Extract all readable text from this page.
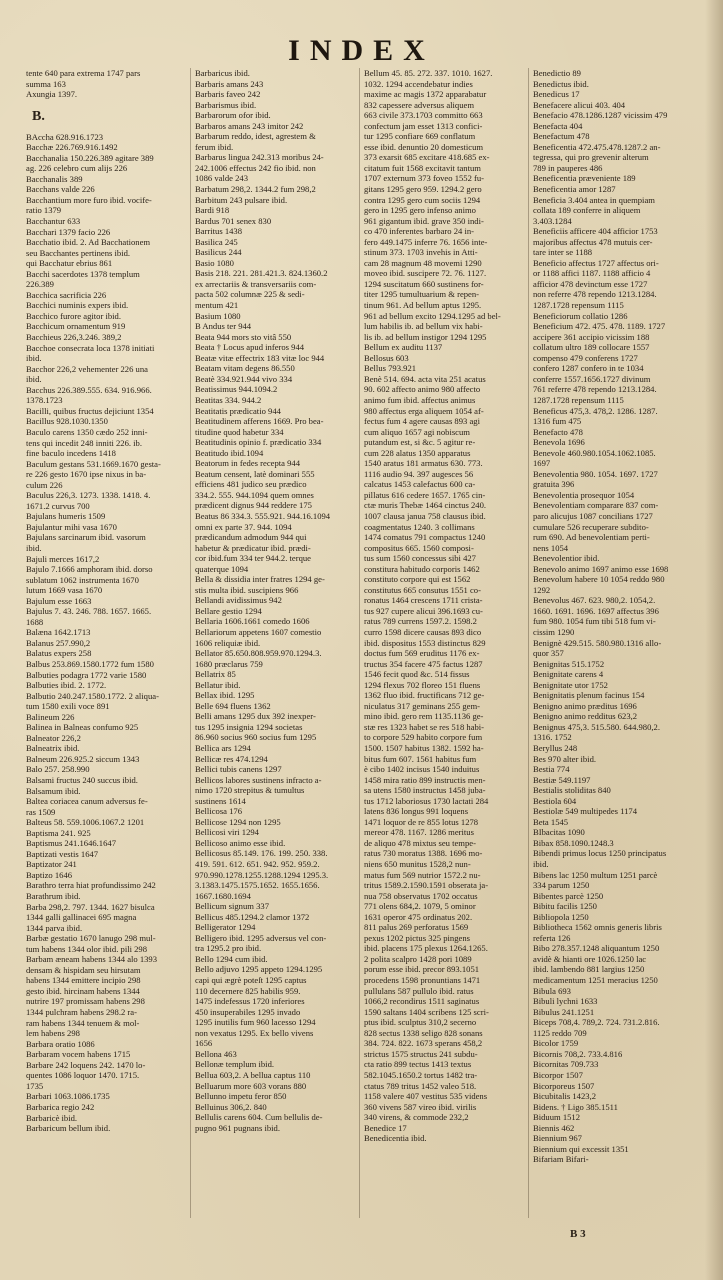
INDEX
tente 640 para extrema 1747 pars
summa 163
Axungia 1397.
B.
BAccha 628.916.1723
Bacchæ 226.769.916.1492
Bacchanalia 150.226.389 agitare 389
ag. 226 celebro cum alijs 226
Bacchanalis 389
Bacchans valde 226
Bacchantium more furo ibid. vocife-
ratio 1379
Bacchantur 633
Bacchari 1379 facio 226
Bacchatio ibid. 2. Ad Bacchationem
seu Bacchantes pertinens ibid.
qui Bacchatur ebrius 861
Bacchi sacerdotes 1378 templum
226.389
Bacchica sacrificia 226
Bacchici numinis expers ibid.
Bacchico furore agitor ibid.
Bacchicum ornamentum 919
Bacchieus 226,3.246. 389,2
Bacchoe consecrata loca 1378 initiati
ibid.
Bacchor 226,2 vehementer 226 una
ibid.
Bacchus 226.389.555. 634. 916.966.
1378.1723
Bacilli, quibus fructus dejiciunt 1354
Bacillus 928.1030.1350
Baculo carens 1350 cædo 252 inni-
tens qui incedit 248 inniti 226. ib.
fine baculo incedens 1418
Baculum gestans 531.1669.1670 gesta-
re 226 gesto 1670 ipse nixus in ba-
culum 226
Baculus 226,3. 1273. 1338. 1418. 4.
1671.2 curvus 700
Bajulans humeris 1509
Bajulantur mihi vasa 1670
Bajulans sarcinarum ibid. vasorum
ibid.
Bajuli merces 1617,2
Bajulo 7.1666 amphoram ibid. dorso
sublatum 1062 instrumenta 1670
lutum 1669 vasa 1670
Bajulum esse 1663
Bajulus 7. 43. 246. 788. 1657. 1665.
1688
Balæna 1642.1713
Balanus 257.990,2
Balatus expers 258
Balbus 253.869.1580.1772 fum 1580
Balbuties podagra 1772 varie 1580
Balbuties ibid. 2. 1772.
Balbutio 240.247.1580.1772. 2 aliqua-
tum 1580 exili voce 891
Balineum 226
Balinea in Balneas confumo 925
Balneator 226,2
Balneatrix ibid.
Balneum 226.925.2 siccum 1343
Balo 257. 258.990
Balsami fructus 240 succus ibid.
Balsamum ibid.
Baltea coriacea canum adversus fe-
ras 1509
Balteus 58. 559.1006.1067.2 1201
Baptisma 241. 925
Baptismus 241.1646.1647
Baptizati vestis 1647
Baptizator 241
Baptizo 1646
Barathro terra hiat profundissimo 242
Barathrum ibid.
Barba 298,2. 797. 1344. 1627 bisulca
1344 galli gallinacei 695 magna
1344 parva ibid.
Barbæ gestatio 1670 lanugo 298 mul-
tum habens 1344 olor ibid. pili 298
Barbam æneam habens 1344 alo 1393
densam & hispidam seu hirsutam
habens 1344 emittere incipio 298
gesto ibid. hircinam habens 1344
nutrire 197 promissam habens 298
1344 pulchram habens 298.2 ra-
ram habens 1344 tenuem & mol-
lem habens 298
Barbara oratio 1086
Barbaram vocem habens 1715
Barbare 242 loquens 242. 1470 lo-
quentes 1086 loquor 1470. 1715.
1735
Barbari 1063.1086.1735
Barbarica regio 242
Barbaricè ibid.
Barbaricum bellum ibid.
Barbaricus ibid.
Barbaris amans 243
Barbaris faveo 242
Barbarismus ibid.
Barbarorum ofor ibid.
Barbaros amans 243 imitor 242
Barbarum reddo, idest, agrestem &
ferum ibid.
Barbarus lingua 242.313 moribus 24-
242.1006 effectus 242 fio ibid. non
1086 valde 243
Barbatum 298,2. 1344.2 fum 298,2
Barbitum 243 pulsare ibid.
Bardi 918
Bardus 701 senex 830
Barritus 1438
Basilica 245
Basilicus 244
Basio 1080
Basis 218. 221. 281.421.3. 824.1360.2
ex arrectariis & transversariis com-
pacta 502 columnæ 225 & sedi-
mentum 421
Basium 1080
B Andus ter 944
Beata 944 mors sto vitâ 550
Beata † Locus apud inferos 944
Beatæ vitæ effectrix 183 vitæ loc 944
Beatam vitam degens 86.550
Beatè 334.921.944 vivo 334
Beatissimus 944.1094.2
Beatitas 334. 944.2
Beatitatis prædicatio 944
Beatitudinem afferens 1669. Pro bea-
titudine quod habetur 334
Beatitudinis opinio f. prædicatio 334
Beatitudo ibid.1094
Beatorum in fedes recepta 944
Beatum censent, latè dominari 555
efficiens 481 judico seu prædico
334.2. 555. 944.1094 quem omnes
prædicent dignus 944 reddere 175
Beatus 86 334.3. 555.921. 944.16.1094
omni ex parte 37. 944. 1094
prædicandum admodum 944 qui
habetur & prædicatur ibid. prædi-
cor ibid.fum 334 ter 944.2. terque
quaterque 1094
Bella & dissidia inter fratres 1294 ge-
stis multa ibid. suscipiens 966
Bellandi avidissimus 942
Bellare gestio 1294
Bellaria 1606.1661 comedo 1606
Bellariorum appetens 1607 comestio
1606 reliquiæ ibid.
Bellator 85.650.808.959.970.1294.3.
1680 præclarus 759
Bellatrix 85
Bellatur ibid.
Bellax ibid. 1295
Belle 694 fluens 1362
Belli amans 1295 dux 392 inexper-
tus 1295 insignia 1294 societas
86.960 socius 960 socius fum 1295
Bellica ars 1294
Bellicæ res 474.1294
Bellici tubis canens 1297
Bellicos labores sustinens infracto a-
nimo 1720 strepitus & tumultus
sustinens 1614
Bellicosa 176
Bellicose 1294 non 1295
Bellicosi viri 1294
Bellicoso animo esse ibid.
Bellicosus 85.149. 176. 199. 250. 338.
419. 591. 612. 651. 942. 952. 959.2.
970.990.1278.1255.1288.1294 1295.3.
3.1383.1475.1575.1652. 1655.1656.
1667.1680.1694
Bellicum signum 337
Bellicus 485.1294.2 clamor 1372
Belligerator 1294
Belligero ibid. 1295 adversus vel con-
tra 1295.2 pro ibid.
Bello 1294 cum ibid.
Bello adjuvo 1295 appeto 1294.1295
capi qui ægrè poteſt 1295 captus
110 decernere 825 habilis 959.
1475 indefessus 1720 inferiores
450 insuperabiles 1295 invado
1295 inutilis fum 960 lacesso 1294
non vexatus 1295. Ex bello vivens
1656
Bellona 463
Bellonæ templum ibid.
Bellua 603,2. A bellua captus 110
Belluarum more 603 vorans 880
Bellunno impetu feror 850
Belluinus 306,2. 840
Bellulis carens 604. Cum bellulis de-
pugno 961 pugnans ibid.
Bellum 45. 85. 272. 337. 1010. 1627.
1032. 1294 accendebatur indies
maxime ac magis 1372 apparabatur
832 capessere adversus aliquem
663 civile 373.1703 committo 663
confectum jam esset 1313 confici-
tur 1295 confiare 669 conflatum
esse ibid. denuntio 20 domesticum
373 exarsit 685 excitare 418.685 ex-
citatum fuit 1568 excitavit tantum
1707 externum 373 foveo 1552 fu-
gitans 1295 gero 959. 1294.2 gero
contra 1295 gero cum sociis 1294
gero in 1295 gero infenso animo
961 gigantum ibid. grave 350 indi-
co 470 inferentes barbaro 24 in-
fero 449.1475 inferre 76. 1656 inte-
stinum 373. 1703 invehis in Atti-
cam 28 magnum 48 movemi 1290
moveo ibid. suscipere 72. 76. 1127.
1294 suscitatum 660 sustinens for-
titer 1295 tumultuarium & repen-
tinum 961. Ad bellum aptus 1295.
961 ad bellum excito 1294.1295 ad bel-
lum habilis ib. ad bellum vix habi-
lis ib. ad bellum instigor 1294 1295
Bellum ex auditu 1137
Bellosus 603
Bellus 793.921
Benè 514. 694. acta vita 251 acatus
90. 602 affecto animo 980 affecto
animo fum ibid. affectus animus
980 affectus erga aliquem 1054 af-
fectus fum 4 agere causas 893 agi
cum aliquo 1657 agi nobiscum
putandum est, si &c. 5 agitur re-
cum 228 alatus 1350 apparatus
1540 aratus 181 armatus 630. 773.
1116 audio 94. 397 augesces 56
calcatus 1453 calefactus 600 ca-
pillatus 616 cedere 1657. 1765 cin-
ctæ muris Thebæ 1464 cinctus 240.
1007 clausa janua 758 clausus ibid.
coagmentatus 1240. 3 collimans
1474 comatus 791 compactus 1240
compositus 665. 1560 composi-
tus sum 1560 concessus sibi 427
constitura habitudo corporis 1462
constituto corpore qui est 1562
constitutus 665 consutus 1551 co-
ronatus 1464 crescens 1711 crista-
tus 927 cupere alicui 396.1693 cu-
ratus 789 currens 1597.2. 1598.2
curro 1598 dicere causas 893 dico
ibid. dispositus 1553 distinctus 829
doctus fum 569 eruditus 1176 ex-
tructus 354 facere 475 factus 1287
1546 fecit quod &c. 514 fissus
1294 flexus 702 floreo 151 fluens
1362 fluo ibid. fructificans 712 ge-
niculatus 317 geminans 255 gem-
mino ibid. gero rem 1135.1136 ge-
stæ res 1323 habet se res 518 habi-
to corpore 529 habito corpore fum
1500. 1507 habitus 1382. 1592 ha-
bitus fum 607. 1561 habitus fum
è cibo 1402 incisus 1540 induitus
1458 mira ratio 899 instructis men-
sa utens 1580 instructus 1458 juba-
tus 1712 laboriosus 1730 lactati 284
latens 836 longus 991 loquens
1471 loquor de re 855 lotus 1278
mereor 478. 1167. 1286 meritus
de aliquo 478 mixtus seu tempe-
ratus 730 moratus 1388. 1696 mo-
niens 650 munitus 1528,2 nun-
matus fum 569 nutrior 1572.2 nu-
tritus 1589.2.1590.1591 obserata ja-
nua 758 observatus 1702 occatus
771 olens 684,2. 1079, 5 ominor
1631 operor 475 ordinatus 202.
811 palus 269 perforatus 1569
pexus 1202 pictus 325 pingens
ibid. placens 175 plexus 1264.1265.
2 polita scalpro 1428 pori 1089
porum esse ibid. precor 893.1051
procedens 1598 pronuntians 1471
pullulans 587 pullulo ibid. ratus
1066,2 recondirus 1511 saginatus
1590 saltans 1404 scribens 125 scri-
ptus ibid. sculptus 310,2 secerno
828 sectus 1338 seligo 828 sonans
384. 724. 822. 1673 sperans 458,2
strictus 1575 structus 241 subdu-
cta ratio 899 tectus 1413 textus
582.1045.1650.2 tortus 1482 tra-
ctatus 789 tritus 1452 valeo 518.
1158 valere 407 vestitus 535 videns
360 vivens 587 vireo ibid. virilis
340 virens, & commode 232,2
Benedice 17
Benedicentia ibid.
Benedictio 89
Benedictus ibid.
Benedicus 17
Benefacere alicui 403. 404
Benefacio 478.1286.1287 vicissim 479
Benefacta 404
Benefactum 478
Beneficentia 472.475.478.1287.2 an-
tegressa, qui pro grevenir alterum
789 in pauperes 486
Beneficentia præveniente 189
Beneficentia amor 1287
Beneficia 3.404 antea in quempiam
collata 189 conferre in aliquem
3.403.1284
Beneficiis afficere 404 afficior 1753
majoribus affectus 478 mutuis cer-
tare inter se 1188
Beneficio affectus 1727 affectus ori-
or 1188 affici 1187. 1188 afficio 4
afficior 478 devinctum esse 1727
non referre 478 rependo 1213.1284.
1287.1728 repensum 1115
Beneficiorum collatio 1286
Beneficium 472. 475. 478. 1189. 1727
accipere 361 accipio vicissim 188
collatum ultro 189 collocare 1557
compenso 479 conferens 1727
confero 1287 confero in te 1034
conferre 1557.1656.1727 divinum
761 referre 478 rependo 1213.1284.
1287.1728 repensum 1115
Beneficus 475,3. 478,2. 1286. 1287.
1316 fum 475
Benefacto 478
Benevola 1696
Benevole 460.980.1054.1062.1085.
1697
Benevolentia 980. 1054. 1697. 1727
gratuita 396
Benevolentia prosequor 1054
Benevolentiam comparare 837 com-
paro alicujus 1087 concilians 1727
cumulare 526 recuperare subdito-
rum 690. Ad benevolentiam perti-
nens 1054
Benevolentior ibid.
Benevolo animo 1697 animo esse 1698
Benevolum habere 10 1054 reddo 980
1292
Benevolus 467. 623. 980,2. 1054,2.
1660. 1691. 1696. 1697 affectus 396
fum 980. 1054 fum tibi 518 fum vi-
cissim 1290
Benignè 429.515. 580.980.1316 allo-
quor 357
Benignitas 515.1752
Benignitate carens 4
Benignitate utor 1752
Benignitatis plenum facinus 154
Benigno animo præditus 1696
Benigno animo redditus 623,2
Benignus 475,3. 515.580. 644.980,2.
1316. 1752
Beryllus 248
Bes 970 alter ibid.
Bestia 774
Bestiæ 549.1197
Bestialis stoliditas 840
Bestiola 604
Bestiolæ 549 multipedes 1174
Beta 1545
BIbacitas 1090
Bibax 858.1090.1248.3
Bibendi primus locus 1250 principatus
ibid.
Bibens lac 1250 multum 1251 parcè
334 parum 1250
Bibentes parcè 1250
Bibitu facilis 1250
Bibliopola 1250
Bibliotheca 1562 omnis generis libris
referta 126
Bibo 278.357.1248 aliquantum 1250
avidè & hianti ore 1026.1250 lac
ibid. lambendo 881 largius 1250
medicamentum 1251 meracius 1250
Bibula 693
Bibuli lychni 1633
Bibulus 241.1251
Biceps 708,4. 789,2. 724. 731.2.816.
1125 reddo 709
Bicolor 1759
Bicornis 708,2. 733.4.816
Bicornitas 709.733
Bicorpor 1507
Bicorporeus 1507
Bicubitalis 1423,2
Bidens. † Ligo 385.1511
Biduum 1512
Biennis 462
Biennium 967
Biennium qui excessit 1351
Bifariam Bifari-
B 3
